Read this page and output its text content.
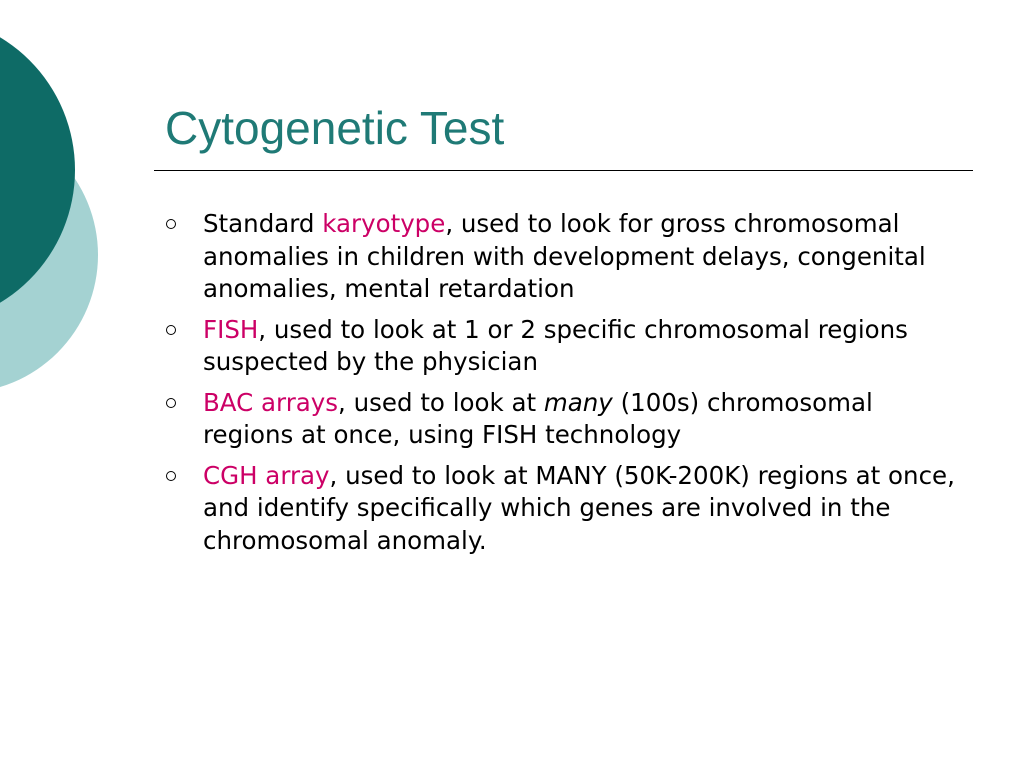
Cytogenetic Test
Standard karyotype, used to look for gross chromosomal anomalies in children with development delays, congenital anomalies, mental retardation
FISH, used to look at 1 or 2 specific chromosomal regions suspected by the physician
BAC arrays, used to look at many (100s) chromosomal regions at once, using FISH technology
CGH array, used to look at MANY (50K-200K) regions at once, and identify specifically which genes are involved in the chromosomal anomaly.
